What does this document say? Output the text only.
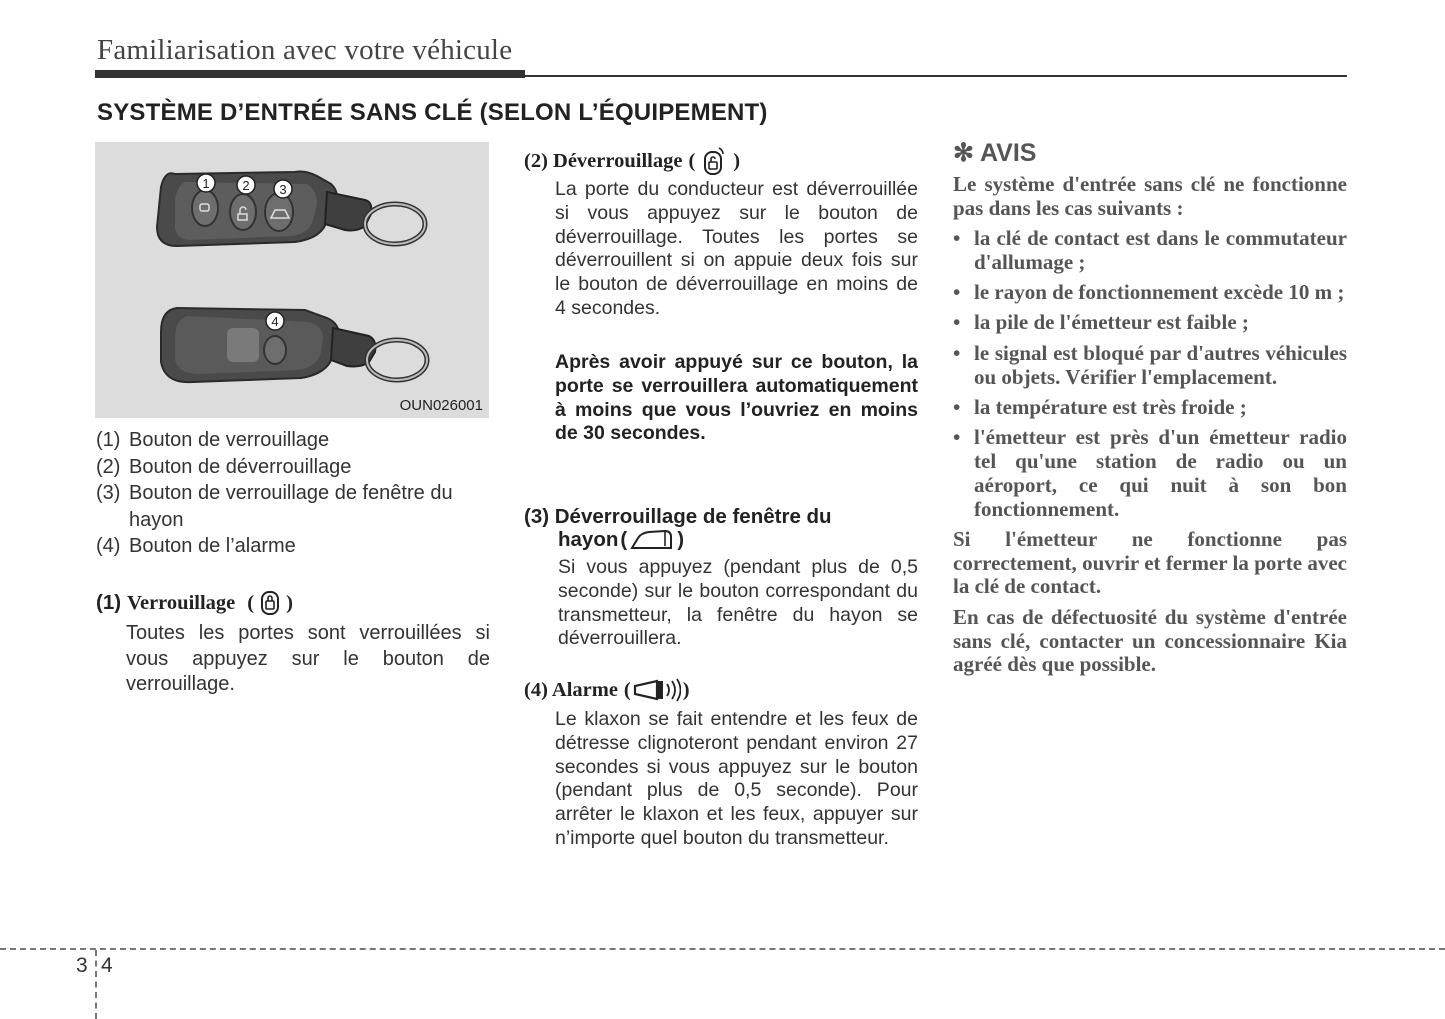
Familiarisation avec votre véhicule
SYSTÈME D’ENTRÉE SANS CLÉ (SELON L’ÉQUIPEMENT)
1	2 3
4
OUN026001
(1) Bouton de verrouillage
(2) Bouton de déverrouillage
(3) Bouton de verrouillage de fenêtre du hayon
(4) Bouton de l’alarme
(1) Verrouillage ( )
Toutes les portes sont verrouillées si vous appuyez sur le bouton de verrouillage.
(2) Déverrouillage ( )
La porte du conducteur est déverrouillée si vous appuyez sur le bouton de déverrouillage. Toutes les portes se déverrouillent si on appuie deux fois sur le bouton de déverrouillage en moins de 4 secondes.
Après avoir appuyé sur ce bouton, la porte se verrouillera automatiquement à moins que vous l’ouvriez en moins de 30 secondes.
(3) Déverrouillage de fenêtre du
hayon ( )
Si vous appuyez (pendant plus de 0,5 seconde) sur le bouton correspondant du transmetteur, la fenêtre du hayon se déverrouillera.
(4) Alarme (	)
Le klaxon se fait entendre et les feux de détresse clignoteront pendant environ 27 secondes si vous appuyez sur le bouton (pendant plus de 0,5 seconde). Pour arrêter le klaxon et les feux, appuyer sur n’importe quel bouton du transmetteur.
✻ AVIS

Le système d'entrée sans clé ne fonctionne pas dans les cas suivants :

• la clé de contact est dans le commutateur d'allumage ;
• le rayon de fonctionnement excède 10 m ;
• la pile de l'émetteur est faible ;
• le signal est bloqué par d'autres véhicules ou objets. Vérifier l'emplacement.
• la température est très froide ;
• l'émetteur est près d'un émetteur radio tel qu'une station de radio ou un aéroport, ce qui nuit à son bon fonctionnement.

Si l'émetteur ne fonctionne pas correctement, ouvrir et fermer la porte avec la clé de contact.

En cas de défectuosité du système d'entrée sans clé, contacter un concessionnaire Kia agréé dès que possible.

3 4
